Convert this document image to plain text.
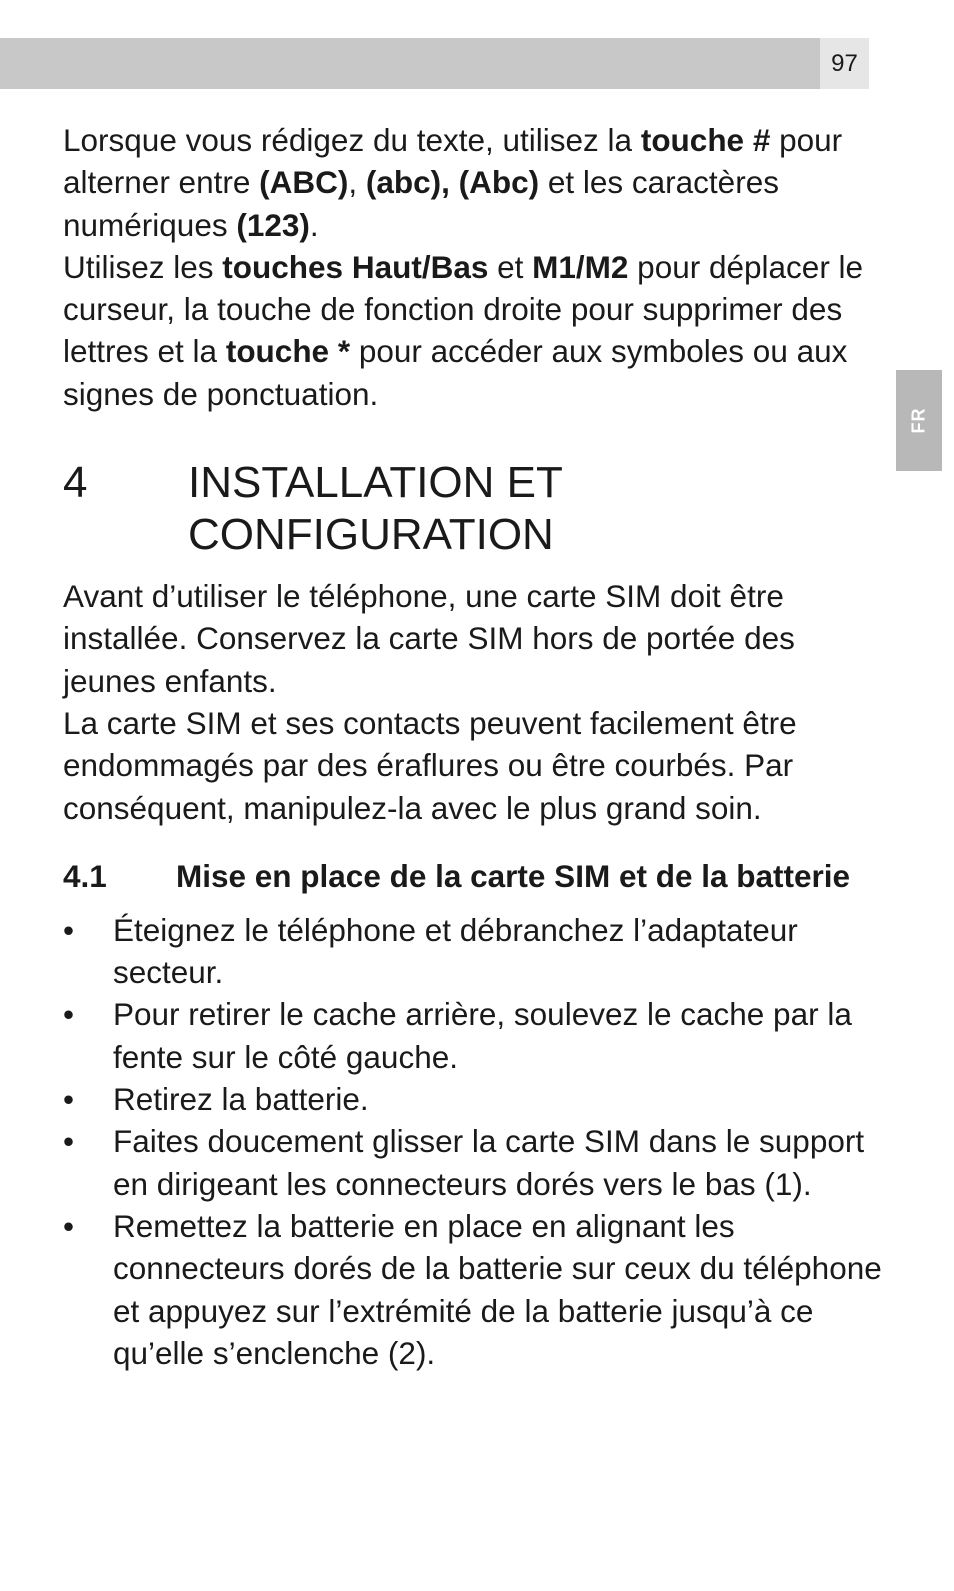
97
FR

Lorsque vous rédigez du texte, utilisez la touche # pour alterner entre (ABC), (abc), (Abc) et les caractères numériques (123).

Utilisez les touches Haut/Bas et M1/M2 pour déplacer le curseur, la touche de fonction droite pour supprimer des lettres et la touche * pour accéder aux symboles ou aux signes de ponctuation.

4	INSTALLATION ET
CONFIGURATION

Avant d’utiliser le téléphone, une carte SIM doit être installée. Conservez la carte SIM hors de portée des jeunes enfants.

La carte SIM et ses contacts peuvent facilement être endommagés par des éraflures ou être courbés. Par conséquent, manipulez-la avec le plus grand soin.

4.1	Mise en place de la carte SIM et de la batterie
• Éteignez le téléphone et débranchez l’adaptateur secteur.
• Pour retirer le cache arrière, soulevez le cache par la fente sur le côté gauche.
• Retirez la batterie.
• Faites doucement glisser la carte SIM dans le support en dirigeant les connecteurs dorés vers le bas (1).
• Remettez la batterie en place en alignant les connecteurs dorés de la batterie sur ceux du téléphone et appuyez sur l’extrémité de la batterie jusqu’à ce qu’elle s’enclenche (2).
